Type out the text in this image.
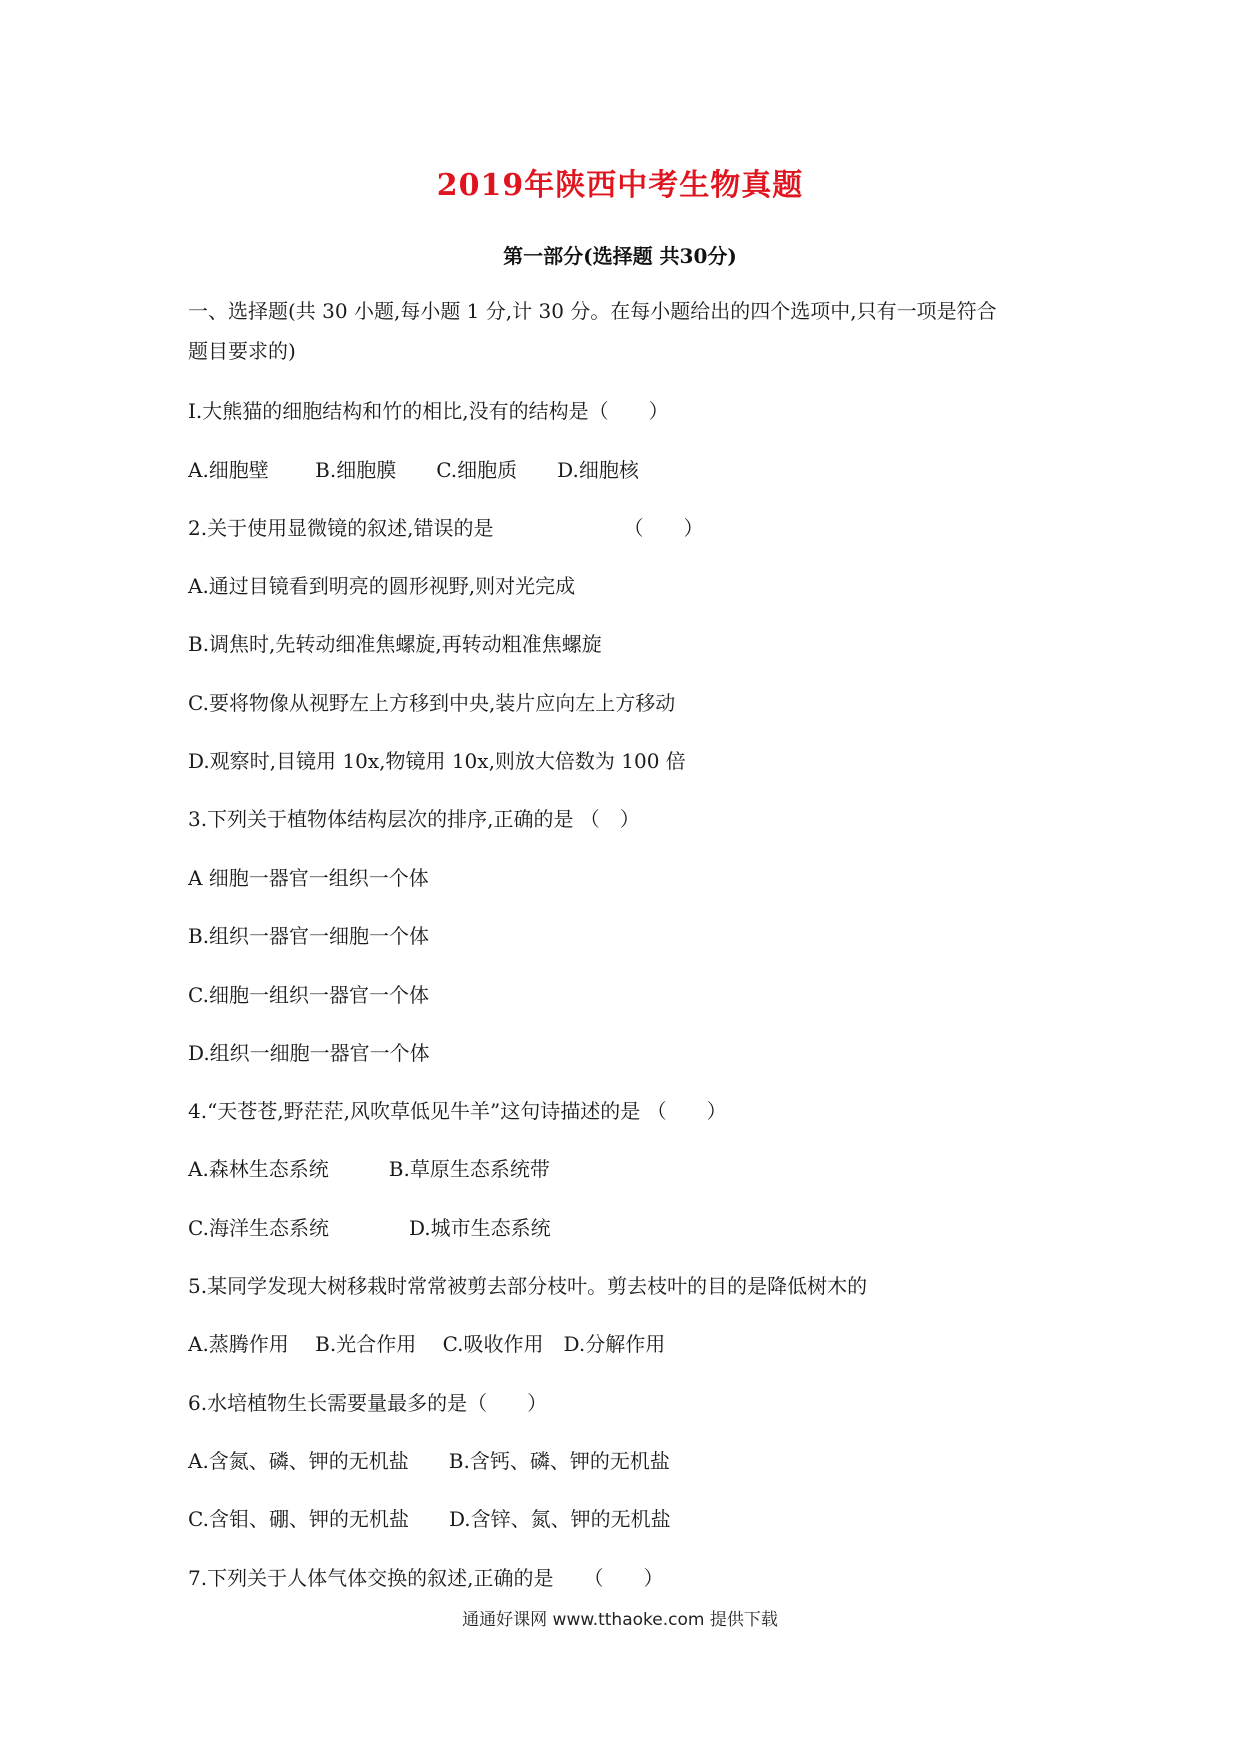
2019年陕西中考生物真题
第一部分(选择题 共30分)
一、选择题(共 30 小题,每小题 1 分,计 30 分。在每小题给出的四个选项中,只有一项是符合
题目要求的)
I.大熊猫的细胞结构和竹的相比,没有的结构是（　　）
A.细胞壁　　 B.细胞膜　　C.细胞质　　D.细胞核
2.关于使用显微镜的叙述,错误的是　　　　　　　（　　）
A.通过目镜看到明亮的圆形视野,则对光完成
B.调焦时,先转动细准焦螺旋,再转动粗准焦螺旋
C.要将物像从视野左上方移到中央,装片应向左上方移动
D.观察时,目镜用 10x,物镜用 10x,则放大倍数为 100 倍
3.下列关于植物体结构层次的排序,正确的是 （　）
A 细胞一器官一组织一个体
B.组织一器官一细胞一个体
C.细胞一组织一器官一个体
D.组织一细胞一器官一个体
4.“天苍苍,野茫茫,风吹草低见牛羊”这句诗描述的是 （　　）
A.森林生态系统　　　B.草原生态系统带
C.海洋生态系统　　　　D.城市生态系统
5.某同学发现大树移栽时常常被剪去部分枝叶。剪去枝叶的目的是降低树木的
A.蒸腾作用　 B.光合作用　 C.吸收作用　D.分解作用
6.水培植物生长需要量最多的是（　　）
A.含氮、磷、钾的无机盐　　B.含钙、磷、钾的无机盐
C.含钼、硼、钾的无机盐　　D.含锌、氮、钾的无机盐
7.下列关于人体气体交换的叙述,正确的是　　（　　）
通通好课网 www.tthaoke.com 提供下载
